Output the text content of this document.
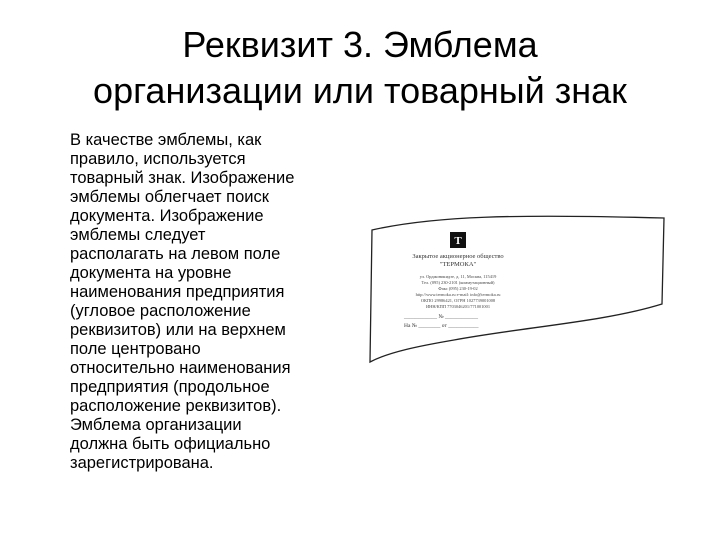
Реквизит 3. Эмблема
организации или товарный знак

В качестве эмблемы, как
правило, используется
товарный знак. Изображение
эмблемы облегчает поиск
документа. Изображение
эмблемы следует
располагать на левом поле
документа на уровне
наименования предприятия
(угловое расположение
реквизитов) или на верхнем
поле центровано
относительно наименования
предприятия (продольное
расположение реквизитов).
Эмблема организации
должна быть официально
зарегистрирована.

Т
Закрытое акционерное общество
"ТЕРМОКА"
ул. Орджоникидзе, д. 11, Москва, 115419
Тел. (095) 230-2101 (коммутационный)
Факс (095) 230-19-02
http://www.termoka.ru e-mail: info@termoka.ru
ОКПО 29986421, ОГРН 1027739001008
ИНН/КПП 7703046201/771001001
____________ № ____________
На № ________ от ___________
